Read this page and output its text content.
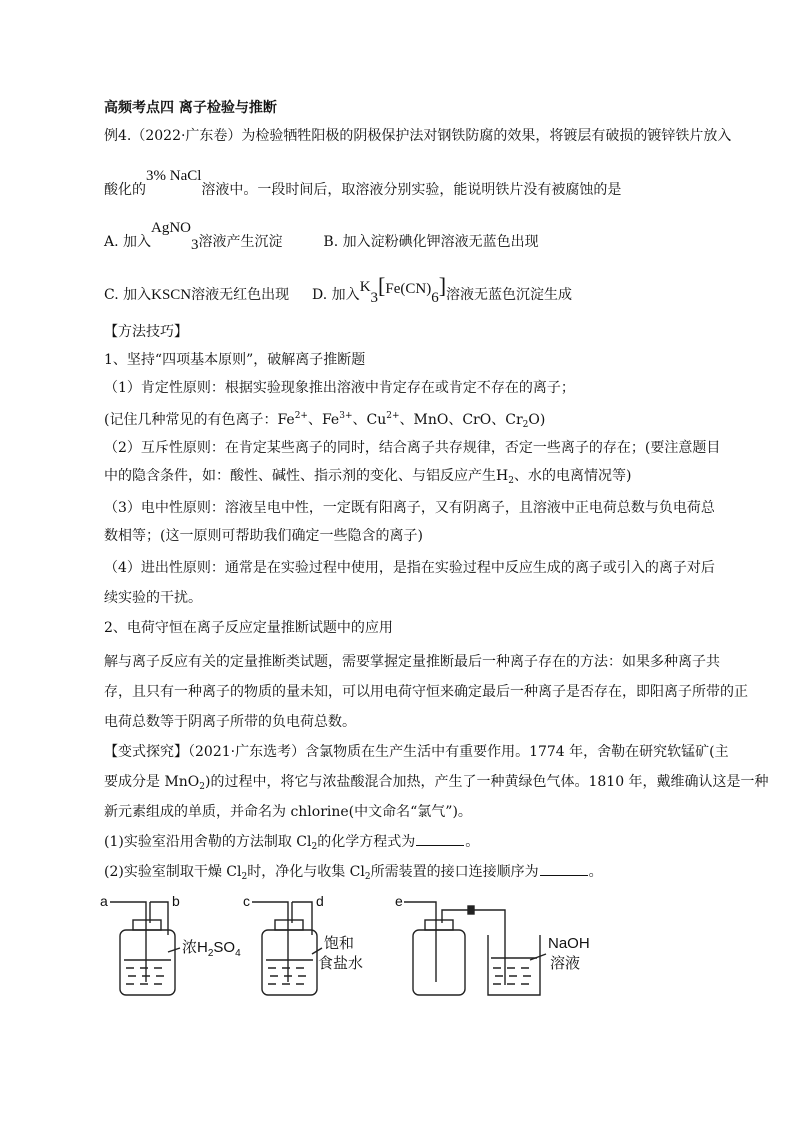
高频考点四 离子检验与推断
例4.（2022·广东卷）为检验牺牲阳极的阴极保护法对钢铁防腐的效果，将镀层有破损的镀锌铁片放入
酸化的3% NaCl溶液中。一段时间后，取溶液分别实验，能说明铁片没有被腐蚀的是
A. 加入AgNO3溶液产生沉淀	B. 加入淀粉碘化钾溶液无蓝色出现
C. 加入KSCN溶液无红色出现 D. 加入K3[Fe(CN)6]溶液无蓝色沉淀生成
【方法技巧】
1、坚持“四项基本原则”，破解离子推断题
（1）肯定性原则：根据实验现象推出溶液中肯定存在或肯定不存在的离子；
(记住几种常见的有色离子：$Fe^{2+}$、$Fe^{3+}$、$Cu^{2+}$、MnO、CrO、$Cr_2O$)
（2）互斥性原则：在肯定某些离子的同时，结合离子共存规律，否定一些离子的存在；(要注意题目
中的隐含条件，如：酸性、碱性、指示剂的变化、与铝反应产生$H_2$、水的电离情况等)
（3）电中性原则：溶液呈电中性，一定既有阳离子，又有阴离子，且溶液中正电荷总数与负电荷总
数相等；(这一原则可帮助我们确定一些隐含的离子)
（4）进出性原则：通常是在实验过程中使用，是指在实验过程中反应生成的离子或引入的离子对后
续实验的干扰。
2、电荷守恒在离子反应定量推断试题中的应用
解与离子反应有关的定量推断类试题，需要掌握定量推断最后一种离子存在的方法：如果多种离子共
存，且只有一种离子的物质的量未知，可以用电荷守恒来确定最后一种离子是否存在，即阳离子所带的正
电荷总数等于阴离子所带的负电荷总数。
【变式探究】（2021·广东选考）含氯物质在生产生活中有重要作用。1774 年，舍勒在研究软锰矿(主
要成分是 MnO$_2$)的过程中，将它与浓盐酸混合加热，产生了一种黄绿色气体。1810 年，戴维确认这是一种
新元素组成的单质，并命名为 chlorine(中文命名“氯气”)。
(1)实验室沿用舍勒的方法制取 $Cl_2$的化学方程式为	。
(2)实验室制取干燥 $Cl_2$时，净化与收集 $Cl_2$所需装置的接口连接顺序为	。
a	b	c	d	e
浓$H_2SO_4$
饱和
食盐水
NaOH
溶液
